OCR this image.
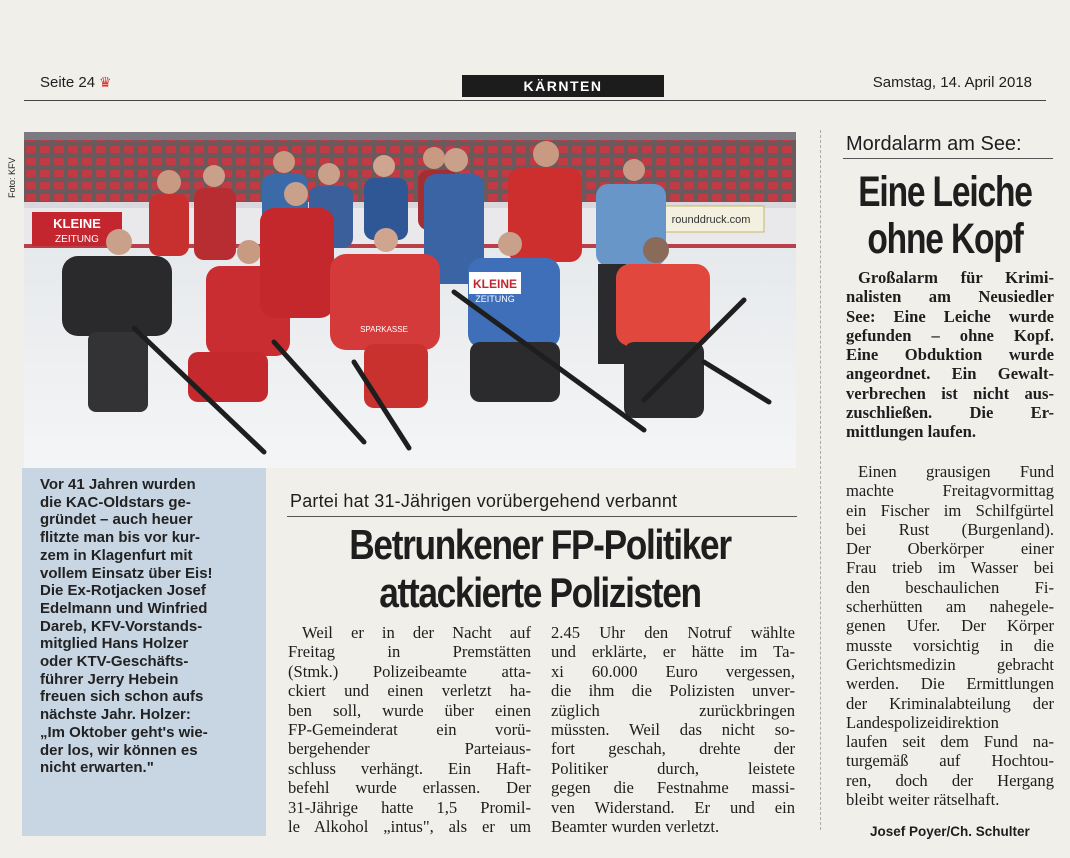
Seite 24 ♛	KÄRNTEN	Samstag, 14. April 2018
Foto: KFV
KLEINE
ZEITUNG
rounddruck.com
KLEINE
ZEITUNG
SPARKASSE
Vor 41 Jahren wurden
die KAC-Oldstars ge-
gründet – auch heuer
flitzte man bis vor kur-
zem in Klagenfurt mit
vollem Einsatz über Eis!
Die Ex-Rotjacken Josef
Edelmann und Winfried
Dareb, KFV-Vorstands-
mitglied Hans Holzer
oder KTV-Geschäfts-
führer Jerry Hebein
freuen sich schon aufs
nächste Jahr. Holzer:
„Im Oktober geht's wie-
der los, wir können es
nicht erwarten."
Partei hat 31-Jährigen vorübergehend verbannt
Betrunkener FP-Politiker
attackierte Polizisten
Weil er in der Nacht auf
Freitag in Premstätten
(Stmk.) Polizeibeamte atta-
ckiert und einen verletzt ha-
ben soll, wurde über einen
FP-Gemeinderat ein vorü-
bergehender Parteiaus-
schluss verhängt. Ein Haft-
befehl wurde erlassen. Der
31-Jährige hatte 1,5 Promil-
le Alkohol „intus", als er um
2.45 Uhr den Notruf wählte
und erklärte, er hätte im Ta-
xi 60.000 Euro vergessen,
die ihm die Polizisten unver-
züglich zurückbringen
müssten. Weil das nicht so-
fort geschah, drehte der
Politiker durch, leistete
gegen die Festnahme massi-
ven Widerstand. Er und ein
Beamter wurden verletzt.
Mordalarm am See:
Eine Leiche
ohne Kopf
Großalarm für Krimi-
nalisten am Neusiedler
See: Eine Leiche wurde
gefunden – ohne Kopf.
Eine Obduktion wurde
angeordnet. Ein Gewalt-
verbrechen ist nicht aus-
zuschließen. Die Er-
mittlungen laufen.
Einen grausigen Fund
machte Freitagvormittag
ein Fischer im Schilfgürtel
bei Rust (Burgenland).
Der Oberkörper einer
Frau trieb im Wasser bei
den beschaulichen Fi-
scherhütten am nahegele-
genen Ufer. Der Körper
musste vorsichtig in die
Gerichtsmedizin gebracht
werden. Die Ermittlungen
der Kriminalabteilung der
Landespolizeidirektion
laufen seit dem Fund na-
turgemäß auf Hochtou-
ren, doch der Hergang
bleibt weiter rätselhaft.
Josef Poyer/Ch. Schulter
